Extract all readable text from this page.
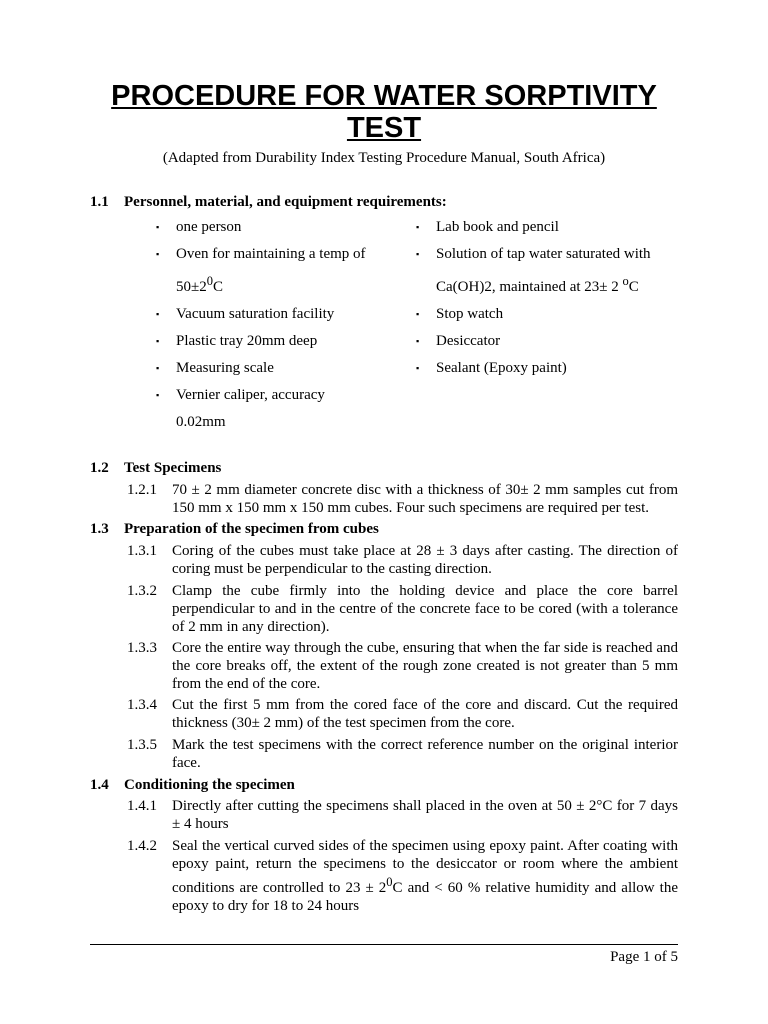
PROCEDURE FOR WATER SORPTIVITY TEST
(Adapted from Durability Index Testing Procedure Manual, South Africa)
1.1 Personnel, material, and equipment requirements:
▪ one person
▪ Oven for maintaining a temp of
$50\pm 2^0C$
▪ Vacuum saturation facility
▪ Plastic tray 20mm deep
▪ Measuring scale
▪ Vernier caliper, accuracy
0.02mm
▪ Lab book and pencil
▪ Solution of tap water saturated with
Ca(OH)2, maintained at 23± 2 $^o$C
▪ Stop watch
▪ Desiccator
▪ Sealant (Epoxy paint)
1.2 Test Specimens
1.2.1 70 ± 2 mm diameter concrete disc with a thickness of 30± 2 mm samples cut from 150 mm x 150 mm x 150 mm cubes. Four such specimens are required per test.
1.3 Preparation of the specimen from cubes
1.3.1 Coring of the cubes must take place at 28 ± 3 days after casting. The direction of coring must be perpendicular to the casting direction.
1.3.2 Clamp the cube firmly into the holding device and place the core barrel perpendicular to and in the centre of the concrete face to be cored (with a tolerance of 2 mm in any direction).
1.3.3 Core the entire way through the cube, ensuring that when the far side is reached and the core breaks off, the extent of the rough zone created is not greater than 5 mm from the end of the core.
1.3.4 Cut the first 5 mm from the cored face of the core and discard. Cut the required thickness (30± 2 mm) of the test specimen from the core.
1.3.5 Mark the test specimens with the correct reference number on the original interior face.
1.4 Conditioning the specimen
1.4.1 Directly after cutting the specimens shall placed in the oven at 50 ± 2°C for 7 days ± 4 hours
1.4.2 Seal the vertical curved sides of the specimen using epoxy paint. After coating with epoxy paint, return the specimens to the desiccator or room where the ambient conditions are controlled to $23 \pm 2^0C$ and < 60 % relative humidity and allow the epoxy to dry for 18 to 24 hours
Page 1 of 5
